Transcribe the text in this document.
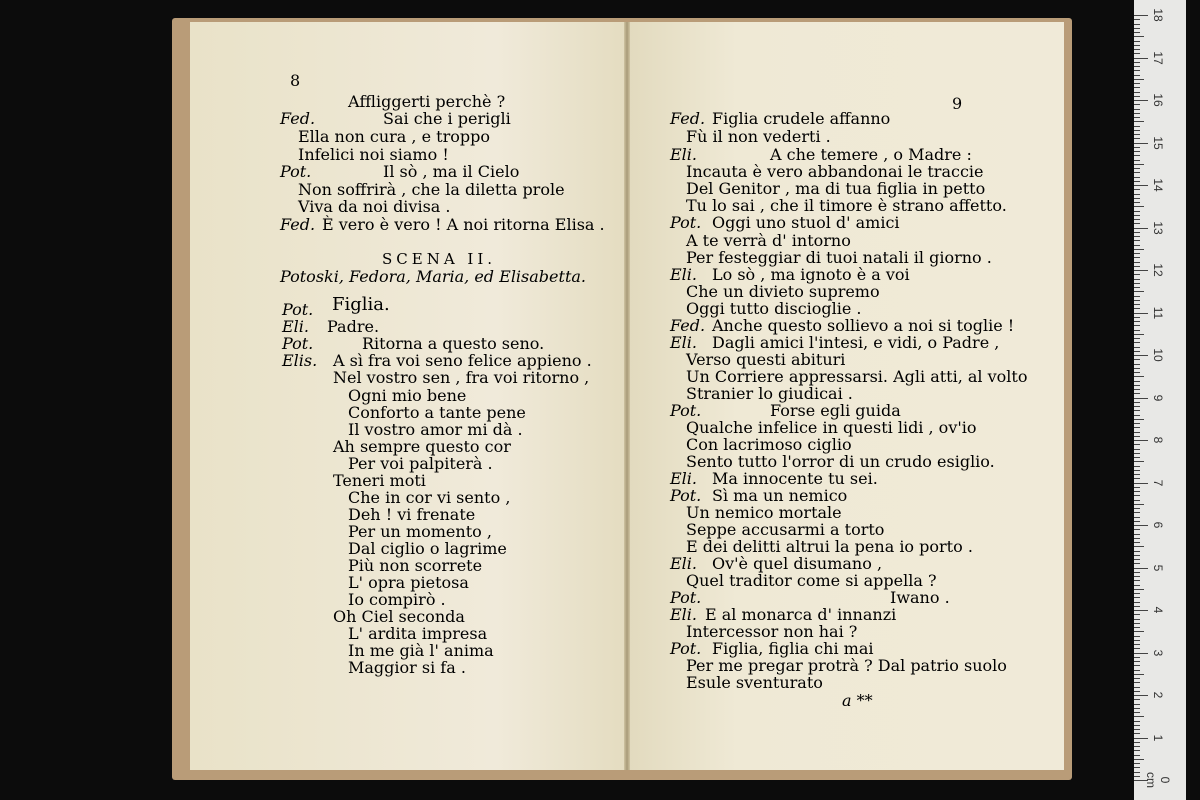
8
Affliggerti perchè ?
Fed.	Sai che i perigli
Ella non cura , e troppo
Infelici noi siamo !
Pot.	Il sò , ma il Cielo
Non soffrirà , che la diletta prole
Viva da noi divisa .
Fed. È vero è vero ! A noi ritorna Elisa .
SCENA II.
Potoski, Fedora, Maria, ed Elisabetta.
Pot. Figlia.
Eli. Padre.
Pot.	Ritorna a questo seno.
Elis. A sì fra voi seno felice appieno .
Nel vostro sen , fra voi ritorno ,
Ogni mio bene
Conforto a tante pene
Il vostro amor mi dà .
Ah sempre questo cor
Per voi palpiterà .
Teneri moti
Che in cor vi sento ,
Deh ! vi frenate
Per un momento ,
Dal ciglio o lagrime
Più non scorrete
L' opra pietosa
Io compirò .
Oh Ciel seconda
L' ardita impresa
In me già l' anima
Maggior si fa .
9
Fed. Figlia crudele affanno
Fù il non vederti .
Eli.	A che temere , o Madre :
Incauta è vero abbandonai le traccie
Del Genitor , ma di tua figlia in petto
Tu lo sai , che il timore è strano affetto.
Pot. Oggi uno stuol d' amici
A te verrà d' intorno
Per festeggiar di tuoi natali il giorno .
Eli. Lo sò , ma ignoto è a voi
Che un divieto supremo
Oggi tutto discioglie .
Fed. Anche questo sollievo a noi si toglie !
Eli. Dagli amici l'intesi, e vidi, o Padre ,
Verso questi abituri
Un Corriere appressarsi. Agli atti, al volto
Stranier lo giudicai .
Pot.	Forse egli guida
Qualche infelice in questi lidi , ov'io
Con lacrimoso ciglio
Sento tutto l'orror di un crudo esiglio.
Eli. Ma innocente tu sei.
Pot. Sì ma un nemico
Un nemico mortale
Seppe accusarmi a torto
E dei delitti altrui la pena io porto .
Eli. Ov'è quel disumano ,
Quel traditor come si appella ?
Pot.	Iwano .
Eli. E al monarca d' innanzi
Intercessor non hai ?
Pot. Figlia, figlia chi mai
Per me pregar protrà ? Dal patrio suolo
Esule sventurato
a **
0 cm
1
2
3
4
5
6
7
8
9
10
11
12
13
14
15
16
17
18
